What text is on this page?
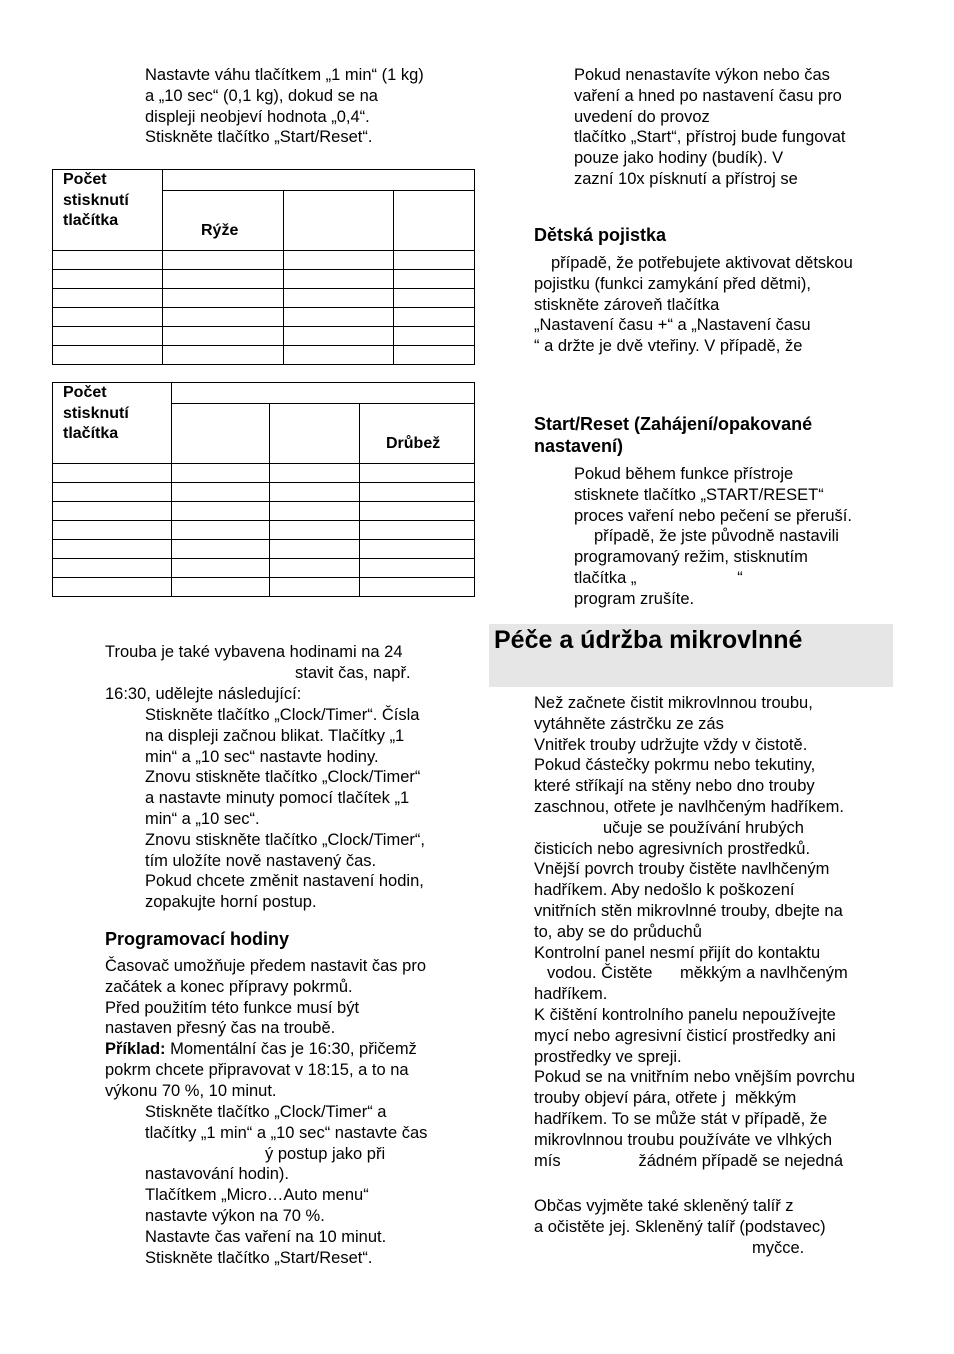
Nastavte váhu tlačítkem „1 min“ (1 kg)
a „10 sec“ (0,1 kg), dokud se na
displeji neobjeví hodnota „0,4“.
Stiskněte tlačítko „Start/Reset“.
Počet stisknutí tlačítka			

	Rýže		

Počet stisknutí tlačítka			

			Drůbež

Trouba je také vybavena hodinami na 24
stavit čas, např.
16:30, udělejte následující:
Stiskněte tlačítko „Clock/Timer“. Čísla
na displeji začnou blikat. Tlačítky „1
min“ a „10 sec“ nastavte hodiny.
Znovu stiskněte tlačítko „Clock/Timer“
a nastavte minuty pomocí tlačítek „1
min“ a „10 sec“.
Znovu stiskněte tlačítko „Clock/Timer“,
tím uložíte nově nastavený čas.
Pokud chcete změnit nastavení hodin,
zopakujte horní postup.
Programovací hodiny
Časovač umožňuje předem nastavit čas pro
začátek a konec přípravy pokrmů.
Před použitím této funkce musí být
nastaven přesný čas na troubě.
Příklad: Momentální čas je 16:30, přičemž
pokrm chcete připravovat v 18:15, a to na
výkonu 70 %, 10 minut.
Stiskněte tlačítko „Clock/Timer“ a
tlačítky „1 min“ a „10 sec“ nastavte čas
ý postup jako při
nastavování hodin).
Tlačítkem „Micro…Auto menu“
nastavte výkon na 70 %.
Nastavte čas vaření na 10 minut.
Stiskněte tlačítko „Start/Reset“.
Pokud nenastavíte výkon nebo čas
vaření a hned po nastavení času pro
uvedení do provoz
tlačítko „Start“, přístroj bude fungovat
pouze jako hodiny (budík). V
zazní 10x písknutí a přístroj se
Dětská pojistka
případě, že potřebujete aktivovat dětskou
pojistku (funkci zamykání před dětmi),
stiskněte zároveň tlačítka
„Nastavení času +“ a „Nastavení času
“ a držte je dvě vteřiny. V případě, že
Start/Reset (Zahájení/opakované
nastavení)
Pokud během funkce přístroje
stisknete tlačítko „START/RESET“
proces vaření nebo pečení se přeruší.
případě, že jste původně nastavili
programovaný režim, stisknutím
tlačítka „                      “
program zrušíte.
Péče a údržba mikrovlnné
Než začnete čistit mikrovlnnou troubu,
vytáhněte zástrčku ze zás
Vnitřek trouby udržujte vždy v čistotě.
Pokud částečky pokrmu nebo tekutiny,
které stříkají na stěny nebo dno trouby
zaschnou, otřete je navlhčeným hadříkem.
učuje se používání hrubých
čisticích nebo agresivních prostředků.
Vnější povrch trouby čistěte navlhčeným
hadříkem. Aby nedošlo k poškození
vnitřních stěn mikrovlnné trouby, dbejte na
to, aby se do průduchů
Kontrolní panel nesmí přijít do kontaktu
vodou. Čistěte      měkkým a navlhčeným
hadříkem.
K čištění kontrolního panelu nepoužívejte
mycí nebo agresivní čisticí prostředky ani
prostředky ve spreji.
Pokud se na vnitřním nebo vnějším povrchu
trouby objeví pára, otřete j  měkkým
hadříkem. To se může stát v případě, že
mikrovlnnou troubu používáte ve vlhkých
mís                 žádném případě se nejedná
Občas vyjměte také skleněný talíř z
a očistěte jej. Skleněný talíř (podstavec)
myčce.
